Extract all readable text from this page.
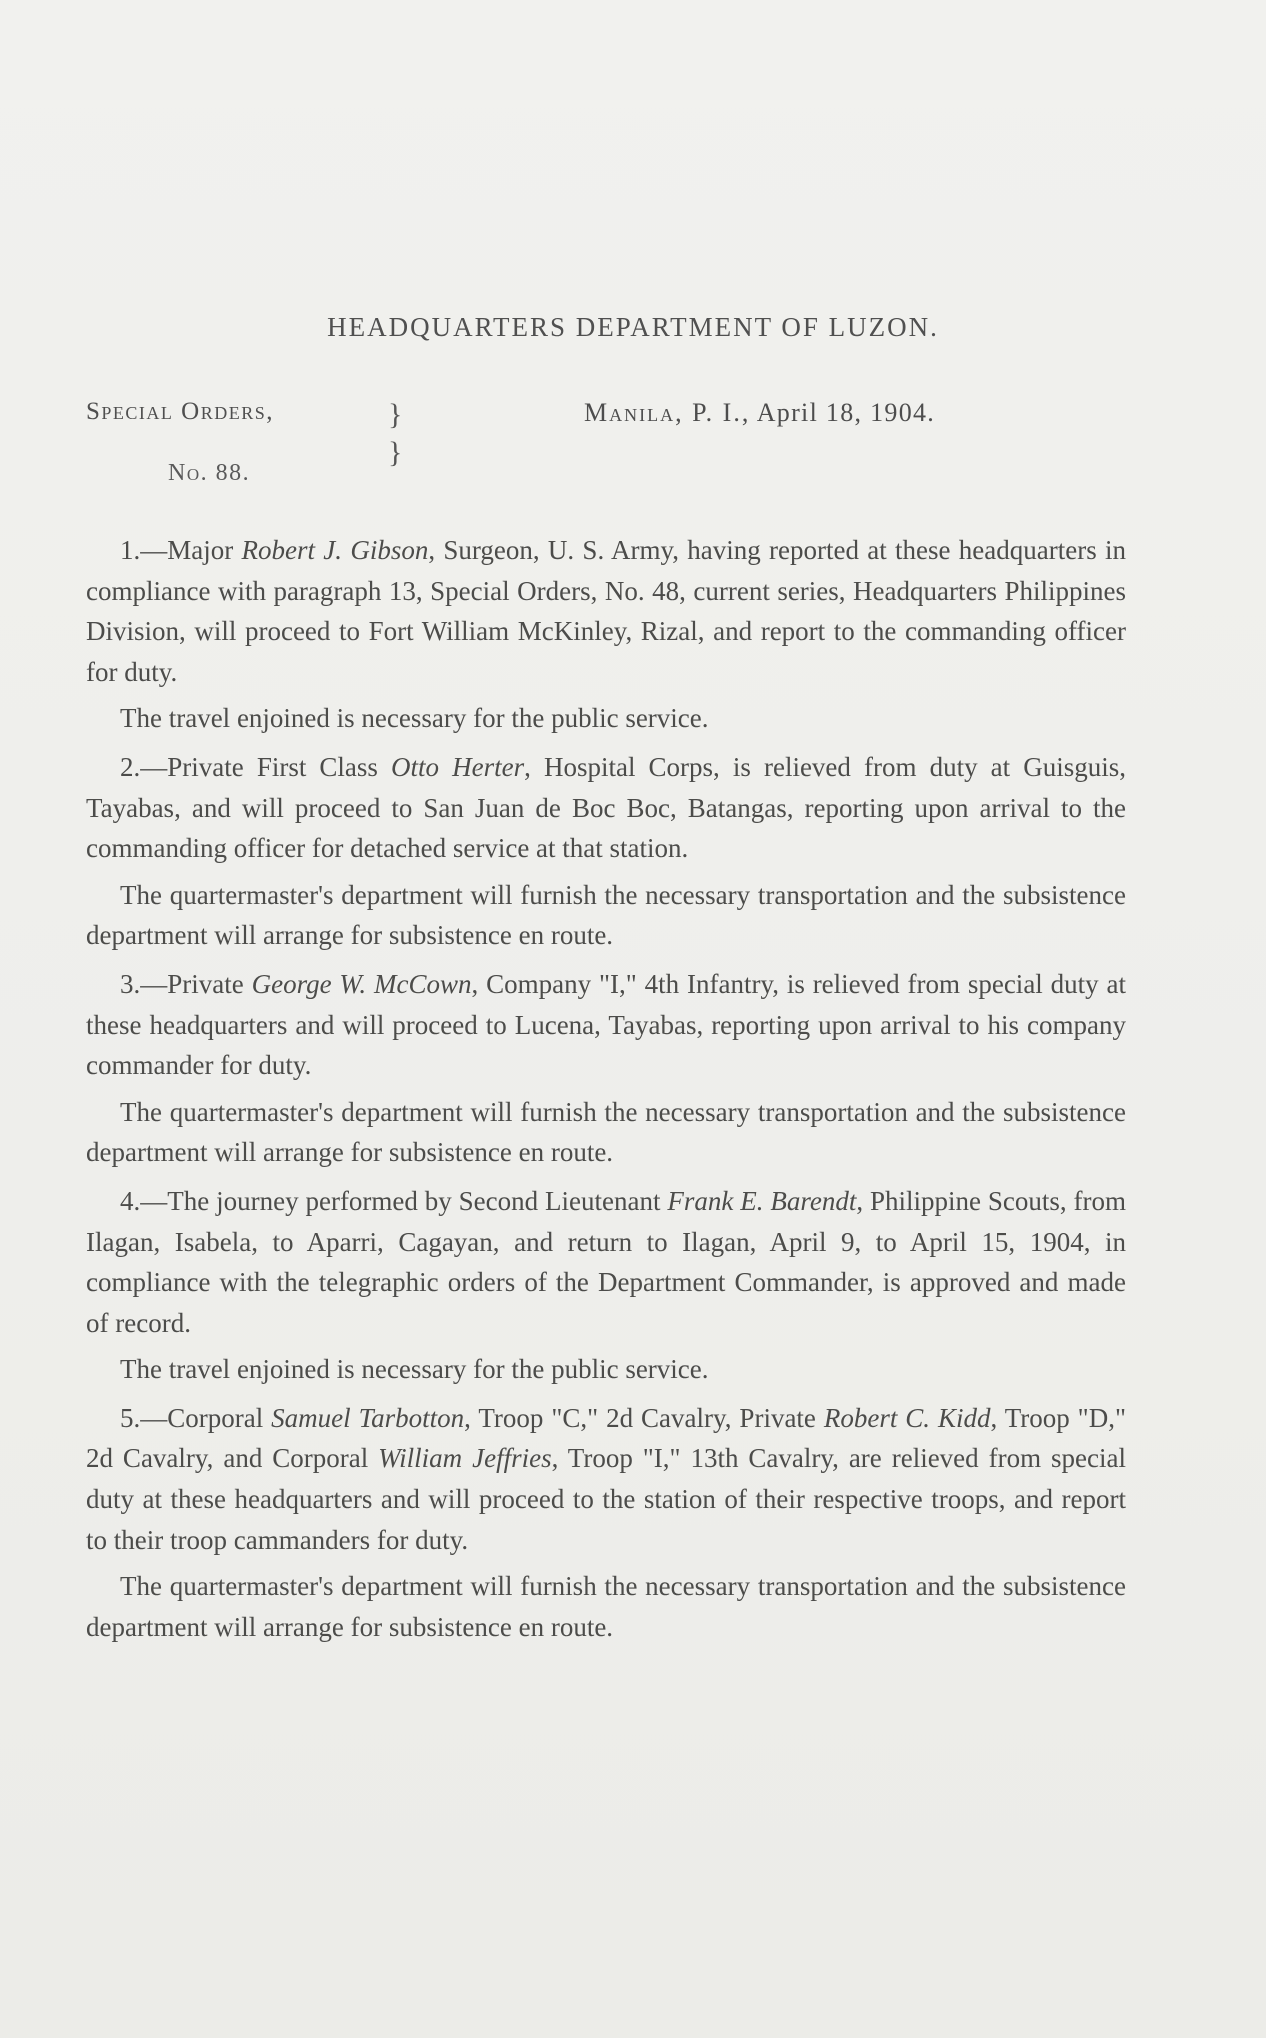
HEADQUARTERS DEPARTMENT OF LUZON.
Special Orders,	}
}
No. 88.
Manila, P. I., April 18, 1904.

1.—Major Robert J. Gibson, Surgeon, U. S. Army, having reported at these headquarters in compliance with paragraph 13, Special Orders, No. 48, current series, Headquarters Philippines Division, will proceed to Fort William McKinley, Rizal, and report to the commanding officer for duty.

The travel enjoined is necessary for the public service.

2.—Private First Class Otto Herter, Hospital Corps, is relieved from duty at Guisguis, Tayabas, and will proceed to San Juan de Boc Boc, Batangas, reporting upon arrival to the commanding officer for detached service at that station.

The quartermaster's department will furnish the necessary transportation and the subsistence department will arrange for subsistence en route.

3.—Private George W. McCown, Company "I," 4th Infantry, is relieved from special duty at these headquarters and will proceed to Lucena, Tayabas, reporting upon arrival to his company commander for duty.

The quartermaster's department will furnish the necessary transportation and the subsistence department will arrange for subsistence en route.

4.—The journey performed by Second Lieutenant Frank E. Barendt, Philippine Scouts, from Ilagan, Isabela, to Aparri, Cagayan, and return to Ilagan, April 9, to April 15, 1904, in compliance with the telegraphic orders of the Department Commander, is approved and made of record.

The travel enjoined is necessary for the public service.

5.—Corporal Samuel Tarbotton, Troop "C," 2d Cavalry, Private Robert C. Kidd, Troop "D," 2d Cavalry, and Corporal William Jeffries, Troop "I," 13th Cavalry, are relieved from special duty at these headquarters and will proceed to the station of their respective troops, and report to their troop cammanders for duty.

The quartermaster's department will furnish the necessary transportation and the subsistence department will arrange for subsistence en route.
